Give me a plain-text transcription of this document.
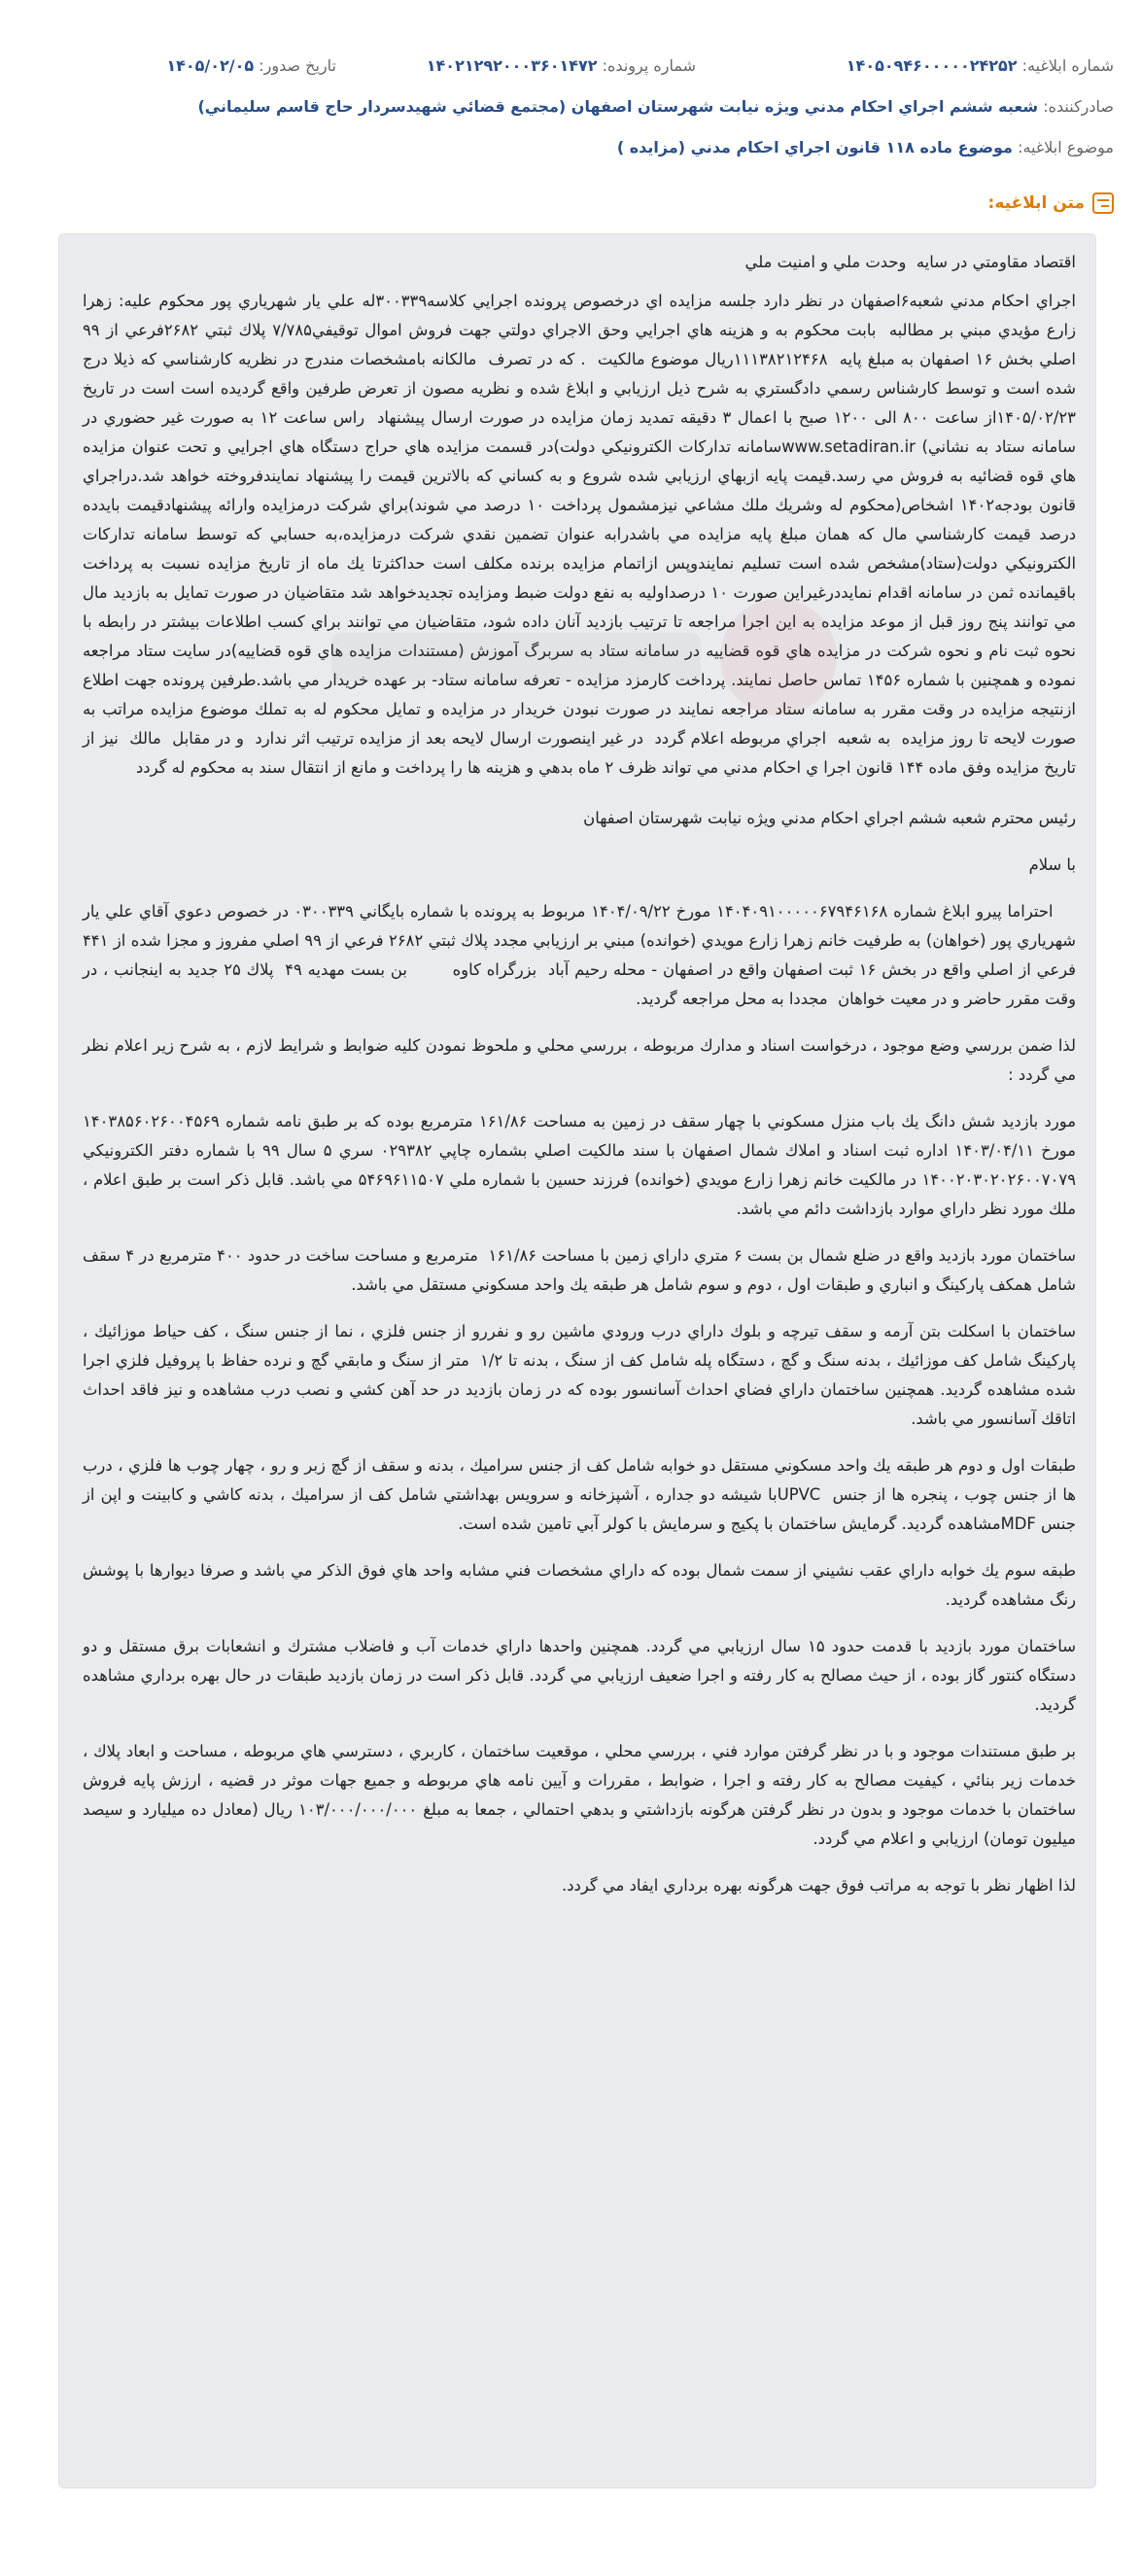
شماره ابلاغیه: ۱۴۰۵۰۹۴۶۰۰۰۰۰۲۴۲۵۲
شماره پرونده: ۱۴۰۲۱۲۹۲۰۰۰۳۶۰۱۴۷۲
تاریخ صدور: ۱۴۰۵/۰۲/۰۵
صادرکننده: شعبه ششم اجراي احكام مدني ويژه نيابت شهرستان اصفهان (مجتمع قضائي شهيدسردار حاج قاسم سليماني)
موضوع ابلاغیه: موضوع ماده ۱۱۸ قانون اجراي احكام مدني (مزايده )
متن ابلاغیه:

اقتصاد مقاومتي در سايه  وحدت ملي و امنيت ملي

اجراي احكام مدني شعبه۶اصفهان در نظر دارد جلسه مزايده اي درخصوص پرونده اجرايي كلاسه۳۰۰۳۳۹له علي يار شهرياري پور محكوم عليه: زهرا زارع مؤيدي مبني بر مطالبه  بابت محكوم به و هزينه هاي اجرايي وحق الاجراي دولتي جهت فروش اموال توقيفي۷/۷۸۵ پلاك ثبتي ۲۶۸۲فرعي از ۹۹ اصلي بخش ۱۶ اصفهان به مبلغ پايه  ۱۱۱۳۸۲۱۲۴۶۸ريال موضوع مالكيت  . كه در تصرف  مالكانه بامشخصات مندرج در نظريه كارشناسي كه ذيلا درج شده است و توسط كارشناس رسمي دادگستري به شرح ذيل ارزيابي و ابلاغ شده و نظريه مصون از تعرض طرفين واقع گرديده است است در تاريخ ۱۴۰۵/۰۲/۲۳از ساعت ۸۰۰ الی ۱۲۰۰ صبح با اعمال ۳ دقيقه تمديد زمان مزايده در صورت ارسال پيشنهاد  راس ساعت ۱۲ به صورت غير حضوري در سامانه ستاد به نشاني) www.setadiran.irسامانه تداركات الكترونيكي دولت)در قسمت مزايده هاي حراج دستگاه هاي اجرايي و تحت عنوان مزايده هاي قوه قضائيه به فروش مي رسد.قيمت پايه ازبهاي ارزيابي شده شروع و به كساني كه بالاترين قيمت را پيشنهاد نمايندفروخته خواهد شد.دراجراي قانون بودجه۱۴۰۲ اشخاص(محكوم له وشريك ملك مشاعي نيزمشمول پرداخت ۱۰ درصد مي شوند)براي شركت درمزايده وارائه پيشنهادقيمت بايدده درصد قيمت كارشناسي مال كه همان مبلغ پايه مزايده مي باشدرابه عنوان تضمين نقدي شركت درمزايده،به حسابي كه توسط سامانه تداركات الكترونيكي دولت(ستاد)مشخص شده است تسليم نمايندوپس ازاتمام مزايده برنده مكلف است حداكثرتا يك ماه از تاريخ مزايده نسبت به پرداخت باقيمانده ثمن در سامانه اقدام نمايددرغيراين صورت ۱۰ درصداوليه به نفع دولت ضبط ومزايده تجديدخواهد شد متقاضيان در صورت تمايل به بازديد مال  مي توانند پنج روز قبل از موعد مزايده به اين اجرا مراجعه تا ترتيب بازديد آنان داده شود، متقاضيان مي توانند براي كسب اطلاعات بيشتر در رابطه با نحوه ثبت نام و نحوه شركت در مزايده هاي قوه قضاييه در سامانه ستاد به سربرگ آموزش (مستندات مزايده هاي قوه قضاييه)در سايت ستاد مراجعه نموده و همچنين با شماره ۱۴۵۶ تماس حاصل نمايند. پرداخت كارمزد مزايده - تعرفه سامانه ستاد- بر عهده خريدار مي باشد.طرفين پرونده جهت اطلاع ازنتيجه مزايده در وقت مقرر به سامانه ستاد مراجعه نمايند در صورت نبودن خريدار در مزايده و تمايل محكوم له به تملك موضوع مزايده مراتب به صورت لايحه تا روز مزايده  به شعبه  اجراي مربوطه اعلام گردد  در غير اينصورت ارسال لايحه بعد از مزايده ترتيب اثر ندارد  و در مقابل  مالك  نيز از تاريخ مزايده وفق ماده ۱۴۴ قانون اجرا ي احكام مدني مي تواند ظرف ۲ ماه بدهي و هزينه ها را پرداخت و مانع از انتقال سند به محكوم له گردد

رئيس محترم شعبه ششم اجراي احكام مدني ويژه نيابت شهرستان اصفهان

با سلام

احتراما پيرو ابلاغ شماره ۱۴۰۴۰۹۱۰۰۰۰۰۶۷۹۴۶۱۶۸ مورخ ۱۴۰۴/۰۹/۲۲ مربوط به پرونده با شماره بايگاني ۰۳۰۰۳۳۹ در خصوص دعوي آقاي علي يار شهرياري پور (خواهان) به طرفيت خانم زهرا زارع مويدي (خوانده) مبني بر ارزيابي مجدد پلاك ثبتي ۲۶۸۲ فرعي از ۹۹ اصلي مفروز و مجزا شده از ۴۴۱ فرعي از اصلي واقع در بخش ۱۶ ثبت اصفهان واقع در اصفهان - محله رحيم آباد  بزرگراه كاوه        بن بست مهديه ۴۹  پلاك ۲۵ جديد به اينجانب ، در وقت مقرر حاضر و در معيت خواهان  مجددا به محل مراجعه گرديد.

لذا ضمن بررسي وضع موجود ، درخواست اسناد و مدارك مربوطه ، بررسي محلي و ملحوظ نمودن كليه ضوابط و شرايط لازم ، به شرح زير اعلام نظر مي گردد :

مورد بازديد شش دانگ يك باب منزل مسكوني با چهار سقف در زمين به مساحت ۱۶۱/۸۶ مترمربع بوده كه بر طبق نامه شماره ۱۴۰۳۸۵۶۰۲۶۰۰۴۵۶۹ مورخ ۱۴۰۳/۰۴/۱۱ اداره ثبت اسناد و املاك شمال اصفهان با سند مالكيت اصلي بشماره چاپي ۰۲۹۳۸۲ سري ۵ سال ۹۹ با شماره دفتر الكترونيكي ۱۴۰۰۲۰۳۰۲۰۲۶۰۰۷۰۷۹ در مالكيت خانم زهرا زارع مويدي (خوانده) فرزند حسين با شماره ملي ۵۴۶۹۶۱۱۵۰۷ مي باشد. قابل ذكر است بر طبق اعلام ، ملك مورد نظر داراي موارد بازداشت دائم مي باشد.

ساختمان مورد بازديد واقع در ضلع شمال بن بست ۶ متري داراي زمين با مساحت ۱۶۱/۸۶  مترمربع و مساحت ساخت در حدود ۴۰۰ مترمربع در ۴ سقف شامل همكف پاركينگ و انباري و طبقات اول ، دوم و سوم شامل هر طبقه يك واحد مسكوني مستقل مي باشد.

ساختمان با اسكلت بتن آرمه و سقف تيرچه و بلوك داراي درب ورودي ماشين رو و نفررو از جنس فلزي ، نما از جنس سنگ ، كف حياط موزائيك ، پاركينگ شامل كف موزائيك ، بدنه سنگ و گچ ، دستگاه پله شامل كف از سنگ ، بدنه تا ۱/۲  متر از سنگ و مابقي گچ و نرده حفاظ با پروفيل فلزي اجرا شده مشاهده گرديد. همچنين ساختمان داراي فضاي احداث آسانسور بوده كه در زمان بازديد در حد آهن كشي و نصب درب مشاهده و نيز فاقد احداث اتاقك آسانسور مي باشد.

طبقات اول و دوم هر طبقه يك واحد مسكوني مستقل دو خوابه شامل كف از جنس سراميك ، بدنه و سقف از گچ زبر و رو ، چهار چوب ها فلزي ، درب ها از جنس چوب ، پنجره ها از جنس  UPVCبا شيشه دو جداره ، آشپزخانه و سرويس بهداشتي شامل كف از سراميك ، بدنه كاشي و كابينت و اپن از جنس MDFمشاهده گرديد. گرمايش ساختمان با پكيج و سرمايش با كولر آبي تامين شده است.

طبقه سوم يك خوابه داراي عقب نشيني از سمت شمال بوده كه داراي مشخصات فني مشابه واحد هاي فوق الذكر مي باشد و صرفا ديوارها با پوشش رنگ مشاهده گرديد.

ساختمان مورد بازديد با قدمت حدود ۱۵ سال ارزيابي مي گردد. همچنين واحدها داراي خدمات آب و فاضلاب مشترك و انشعابات برق مستقل و دو دستگاه كنتور گاز بوده ، از حيث مصالح به كار رفته و اجرا ضعيف ارزيابي مي گردد. قابل ذكر است در زمان بازديد طبقات در حال بهره برداري مشاهده گرديد.

بر طبق مستندات موجود و با در نظر گرفتن موارد فني ، بررسي محلي ، موقعيت ساختمان ، كاربري ، دسترسي هاي مربوطه ، مساحت و ابعاد پلاك ، خدمات زير بنائي ، كيفيت مصالح به كار رفته و اجرا ، ضوابط ، مقررات و آيين نامه هاي مربوطه و جميع جهات موثر در قضيه ، ارزش پايه فروش ساختمان با خدمات موجود و بدون در نظر گرفتن هرگونه بازداشتي و بدهي احتمالي ، جمعا به مبلغ ۱۰۳/۰۰۰/۰۰۰/۰۰۰ ريال (معادل ده ميليارد و سيصد ميليون تومان) ارزيابي و اعلام مي گردد.

لذا اظهار نظر با توجه به مراتب فوق جهت هرگونه بهره برداري ايفاد مي گردد.
